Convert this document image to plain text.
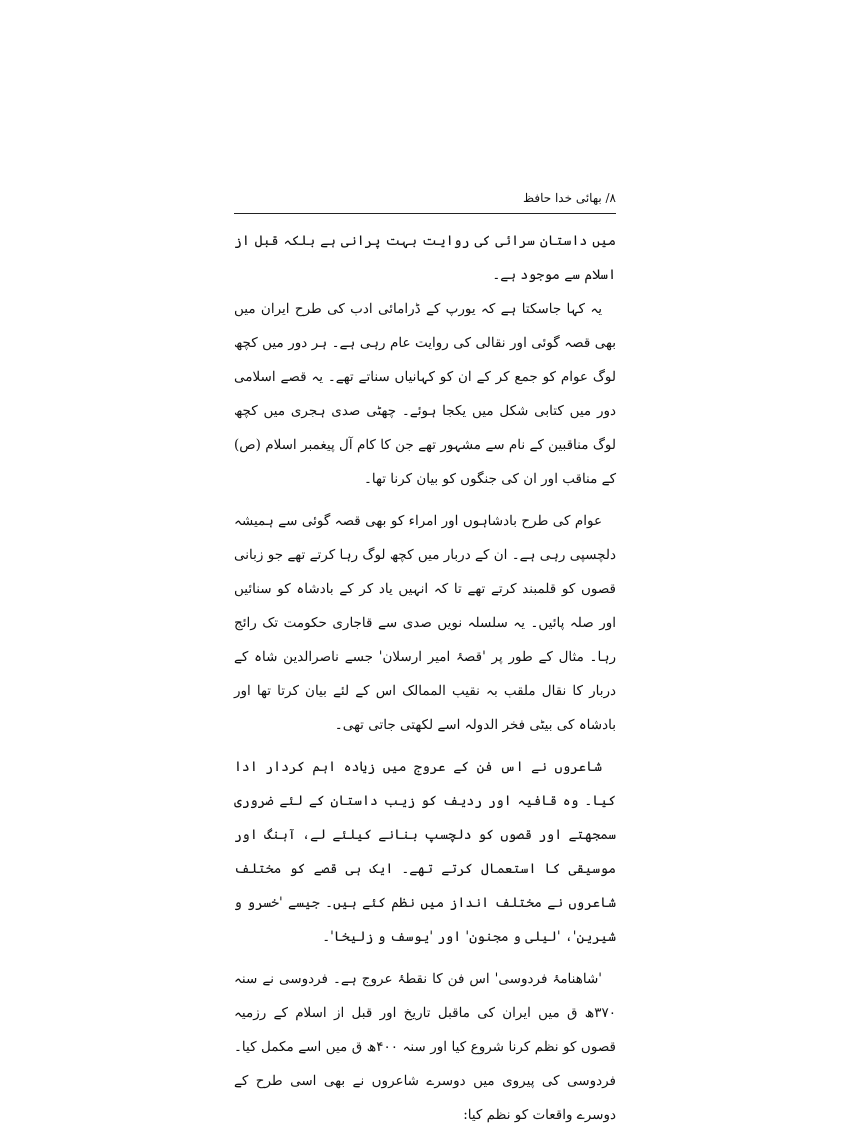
۸/ بھائی خدا حافظ

میں داستان سرائی کی روایت بہت پرانی ہے بلکہ قبل از اسلام سے موجود ہے۔

یہ کہا جاسکتا ہے کہ یورپ کے ڈرامائی ادب کی طرح ایران میں بھی قصہ گوئی اور نقالی کی روایت عام رہی ہے۔ ہر دور میں کچھ لوگ عوام کو جمع کر کے ان کو کہانیاں سناتے تھے۔ یہ قصے اسلامی دور میں کتابی شکل میں یکجا ہوئے۔ چھٹی صدی ہجری میں کچھ لوگ مناقبین کے نام سے مشہور تھے جن کا کام آل پیغمبر اسلام (ص) کے مناقب اور ان کی جنگوں کو بیان کرنا تھا۔

عوام کی طرح بادشاہوں اور امراء کو بھی قصہ گوئی سے ہمیشہ دلچسپی رہی ہے۔ ان کے دربار میں کچھ لوگ رہا کرتے تھے جو زبانی قصوں کو قلمبند کرتے تھے تا کہ انہیں یاد کر کے بادشاہ کو سنائیں اور صلہ پائیں۔ یہ سلسلہ نویں صدی سے قاجاری حکومت تک رائج رہا۔ مثال کے طور پر 'قصۂ امیر ارسلان' جسے ناصرالدین شاہ کے دربار کا نقال ملقب بہ نقیب الممالک اس کے لئے بیان کرتا تھا اور بادشاہ کی بیٹی فخر الدولہ اسے لکھتی جاتی تھی۔

شاعروں نے اس فن کے عروج میں زیادہ اہم کردار ادا کیا۔ وہ قافیہ اور ردیف کو زیب داستان کے لئے ضروری سمجھتے اور قصوں کو دلچسپ بنانے کیلئے لے، آہنگ اور موسیقی کا استعمال کرتے تھے۔ ایک ہی قصے کو مختلف شاعروں نے مختلف انداز میں نظم کئے ہیں۔ جیسے 'خسرو و شیرین'، 'لیلی و مجنون' اور 'یوسف و زلیخا'۔

'شاھنامۂ فردوسی' اس فن کا نقطۂ عروج ہے۔ فردوسی نے سنہ ۳۷۰ھ ق میں ایران کی ماقبل تاریخ اور قبل از اسلام کے رزمیہ قصوں کو نظم کرنا شروع کیا اور سنہ ۴۰۰ھ ق میں اسے مکمل کیا۔ فردوسی کی پیروی میں دوسرے شاعروں نے بھی اسی طرح کے دوسرے واقعات کو نظم کیا:
